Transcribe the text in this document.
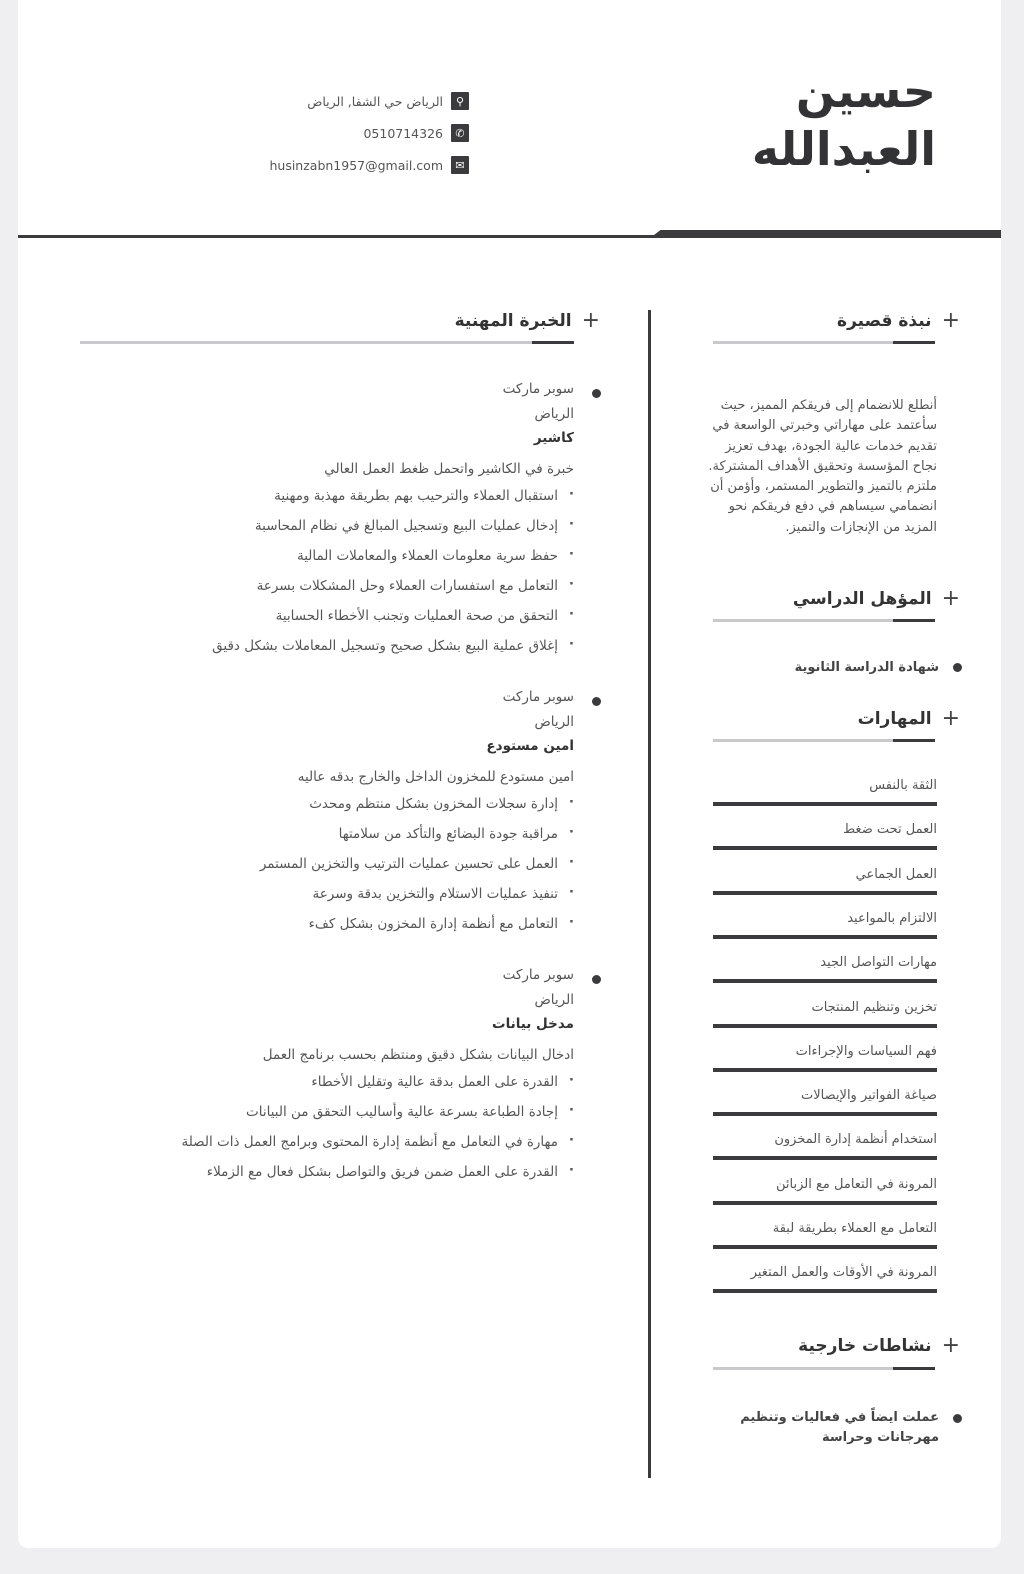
حسين
العبدالله
+
نبذة قصيرة
أنطلع للانضمام إلى فريقكم المميز، حيث سأعتمد على مهاراتي وخبرتي الواسعة في تقديم خدمات عالية الجودة، بهدف تعزيز نجاح المؤسسة وتحقيق الأهداف المشتركة. ملتزم بالتميز والتطوير المستمر، وأؤمن أن انضمامي سيساهم في دفع فريقكم نحو المزيد من الإنجازات والتميز.
+
المؤهل الدراسي
شهادة الدراسة الثانوية
+
المهارات
+
نشاطات خارجية
عملت ايضاً في فعاليات وتنظيم مهرجانات وحراسة
+
الخبرة المهنية
⚲
الرياض حي الشفا, الرياض
✆
0510714326
✉
husinzabn1957@gmail.com
الثقة بالنفس
العمل تحت ضغط
العمل الجماعي
الالتزام بالمواعيد
مهارات التواصل الجيد
تخزين وتنظيم المنتجات
فهم السياسات والإجراءات
صياغة الفواتير والإيصالات
استخدام أنظمة إدارة المخزون
المرونة في التعامل مع الزبائن
التعامل مع العملاء بطريقة لبقة
المرونة في الأوقات والعمل المتغير
سوبر ماركت
الرياض
كاشير
خبرة في الكاشير واتحمل ظغط العمل العالي
· استقبال العملاء والترحيب بهم بطريقة مهذبة ومهنية
· إدخال عمليات البيع وتسجيل المبالغ في نظام المحاسبة
· حفظ سرية معلومات العملاء والمعاملات المالية
· التعامل مع استفسارات العملاء وحل المشكلات بسرعة
· التحقق من صحة العمليات وتجنب الأخطاء الحسابية
· إغلاق عملية البيع بشكل صحيح وتسجيل المعاملات بشكل دقيق
سوبر ماركت
الرياض
امين مستودع
امين مستودع للمخزون الداخل والخارج بدقه عاليه
· إدارة سجلات المخزون بشكل منتظم ومحدث
· مراقبة جودة البضائع والتأكد من سلامتها
· العمل على تحسين عمليات الترتيب والتخزين المستمر
· تنفيذ عمليات الاستلام والتخزين بدقة وسرعة
· التعامل مع أنظمة إدارة المخزون بشكل كفء
سوبر ماركت
الرياض
مدخل بيانات
ادخال البيانات بشكل دقيق ومنتظم بحسب برنامج العمل
· القدرة على العمل بدقة عالية وتقليل الأخطاء
· إجادة الطباعة بسرعة عالية وأساليب التحقق من البيانات
· مهارة في التعامل مع أنظمة إدارة المحتوى وبرامج العمل ذات الصلة
· القدرة على العمل ضمن فريق والتواصل بشكل فعال مع الزملاء
